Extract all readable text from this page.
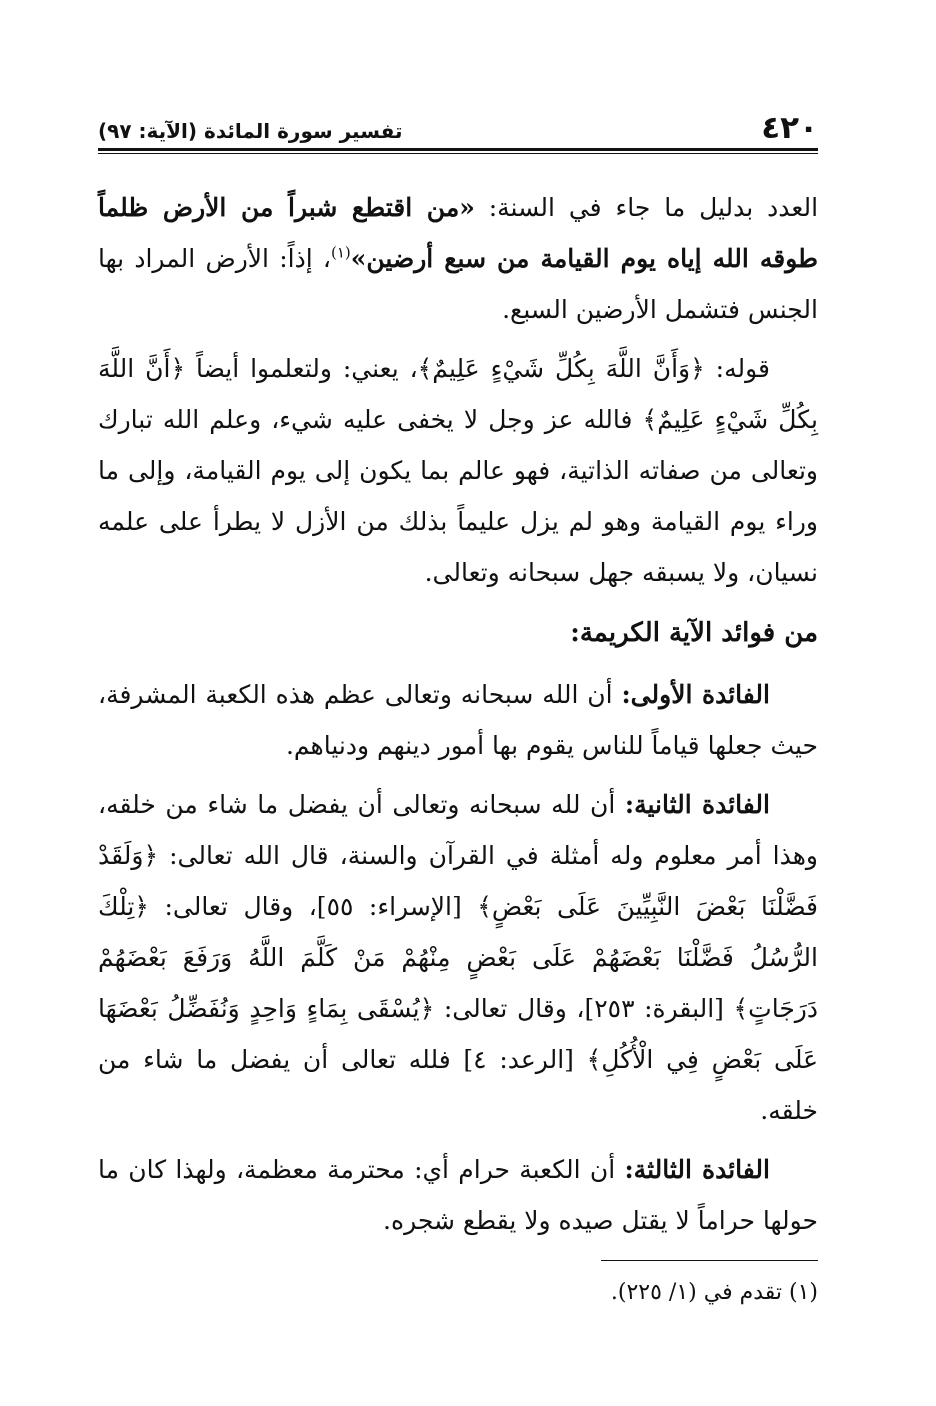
٤٢٠
تفسير سورة المائدة (الآية: ٩٧)

العدد بدليل ما جاء في السنة: «من اقتطع شبراً من الأرض ظلماً طوقه الله إياه يوم القيامة من سبع أرضين»$^{(١)}$، إذاً: الأرض المراد بها الجنس فتشمل الأرضين السبع.

قوله: ﴿وَأَنَّ اللَّهَ بِكُلِّ شَيْءٍ عَلِيمٌ﴾، يعني: ولتعلموا أيضاً ﴿أَنَّ اللَّهَ بِكُلِّ شَيْءٍ عَلِيمٌ﴾ فالله عز وجل لا يخفى عليه شيء، وعلم الله تبارك وتعالى من صفاته الذاتية، فهو عالم بما يكون إلى يوم القيامة، وإلى ما وراء يوم القيامة وهو لم يزل عليماً بذلك من الأزل لا يطرأ على علمه نسيان، ولا يسبقه جهل سبحانه وتعالى.

من فوائد الآية الكريمة:

الفائدة الأولى: أن الله سبحانه وتعالى عظم هذه الكعبة المشرفة، حيث جعلها قياماً للناس يقوم بها أمور دينهم ودنياهم.

الفائدة الثانية: أن لله سبحانه وتعالى أن يفضل ما شاء من خلقه، وهذا أمر معلوم وله أمثلة في القرآن والسنة، قال الله تعالى: ﴿وَلَقَدْ فَضَّلْنَا بَعْضَ النَّبِيِّينَ عَلَى بَعْضٍ﴾ [الإسراء: ٥٥]، وقال تعالى: ﴿تِلْكَ الرُّسُلُ فَضَّلْنَا بَعْضَهُمْ عَلَى بَعْضٍ مِنْهُمْ مَنْ كَلَّمَ اللَّهُ وَرَفَعَ بَعْضَهُمْ دَرَجَاتٍ﴾ [البقرة: ٢٥٣]، وقال تعالى: ﴿يُسْقَى بِمَاءٍ وَاحِدٍ وَنُفَضِّلُ بَعْضَهَا عَلَى بَعْضٍ فِي الْأُكُلِ﴾ [الرعد: ٤] فلله تعالى أن يفضل ما شاء من خلقه.

الفائدة الثالثة: أن الكعبة حرام أي: محترمة معظمة، ولهذا كان ما حولها حراماً لا يقتل صيده ولا يقطع شجره.

(١) تقدم في (١/ ٢٢٥).
